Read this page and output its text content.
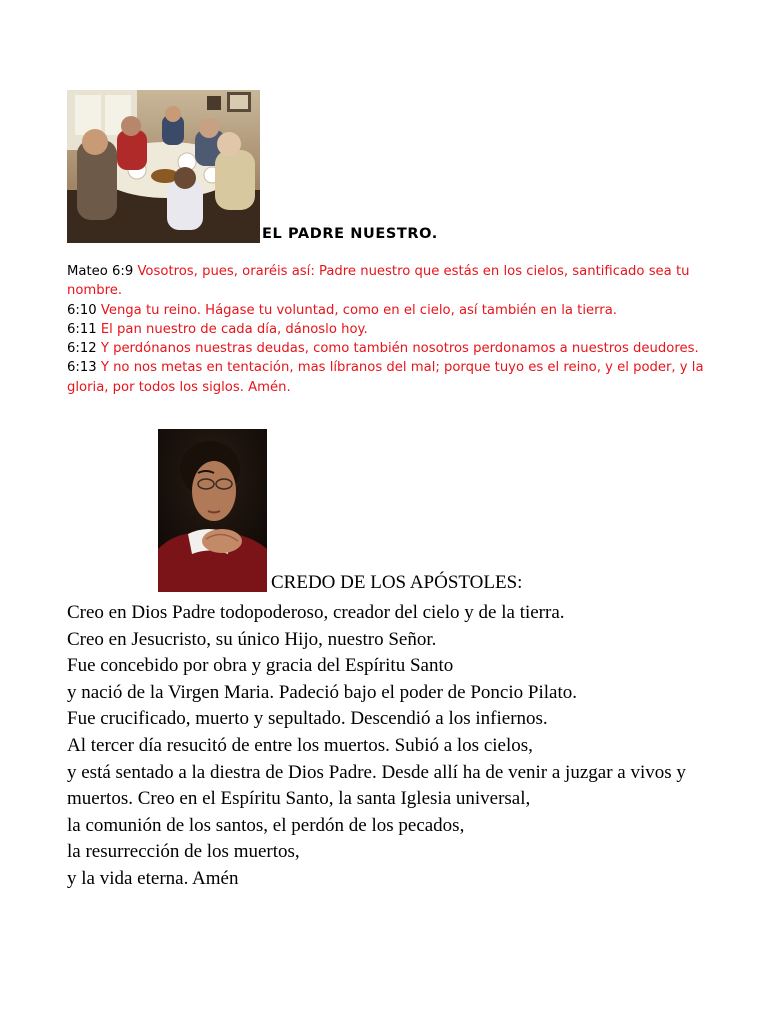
EL PADRE NUESTRO.

Mateo 6:9 Vosotros, pues, oraréis así: Padre nuestro que estás en los cielos, santificado sea tu nombre.

6:10 Venga tu reino. Hágase tu voluntad, como en el cielo, así también en la tierra.

6:11 El pan nuestro de cada día, dánoslo hoy.

6:12 Y perdónanos nuestras deudas, como también nosotros perdonamos a nuestros deudores.

6:13 Y no nos metas en tentación, mas líbranos del mal; porque tuyo es el reino, y el poder, y la gloria, por todos los siglos. Amén.

CREDO DE LOS APÓSTOLES:
Creo en Dios Padre todopoderoso, creador del cielo y de la tierra.
Creo en Jesucristo, su único Hijo, nuestro Señor.
Fue concebido por obra y gracia del Espíritu Santo
y nació de la Virgen Maria. Padeció bajo el poder de Poncio Pilato.
Fue crucificado, muerto y sepultado. Descendió a los infiernos.
Al tercer día resucitó de entre los muertos. Subió a los cielos,
y está sentado a la diestra de Dios Padre. Desde allí ha de venir a juzgar a vivos y
muertos. Creo en el Espíritu Santo, la santa Iglesia universal,
la comunión de los santos, el perdón de los pecados,
la resurrección de los muertos,
y la vida eterna. Amén
